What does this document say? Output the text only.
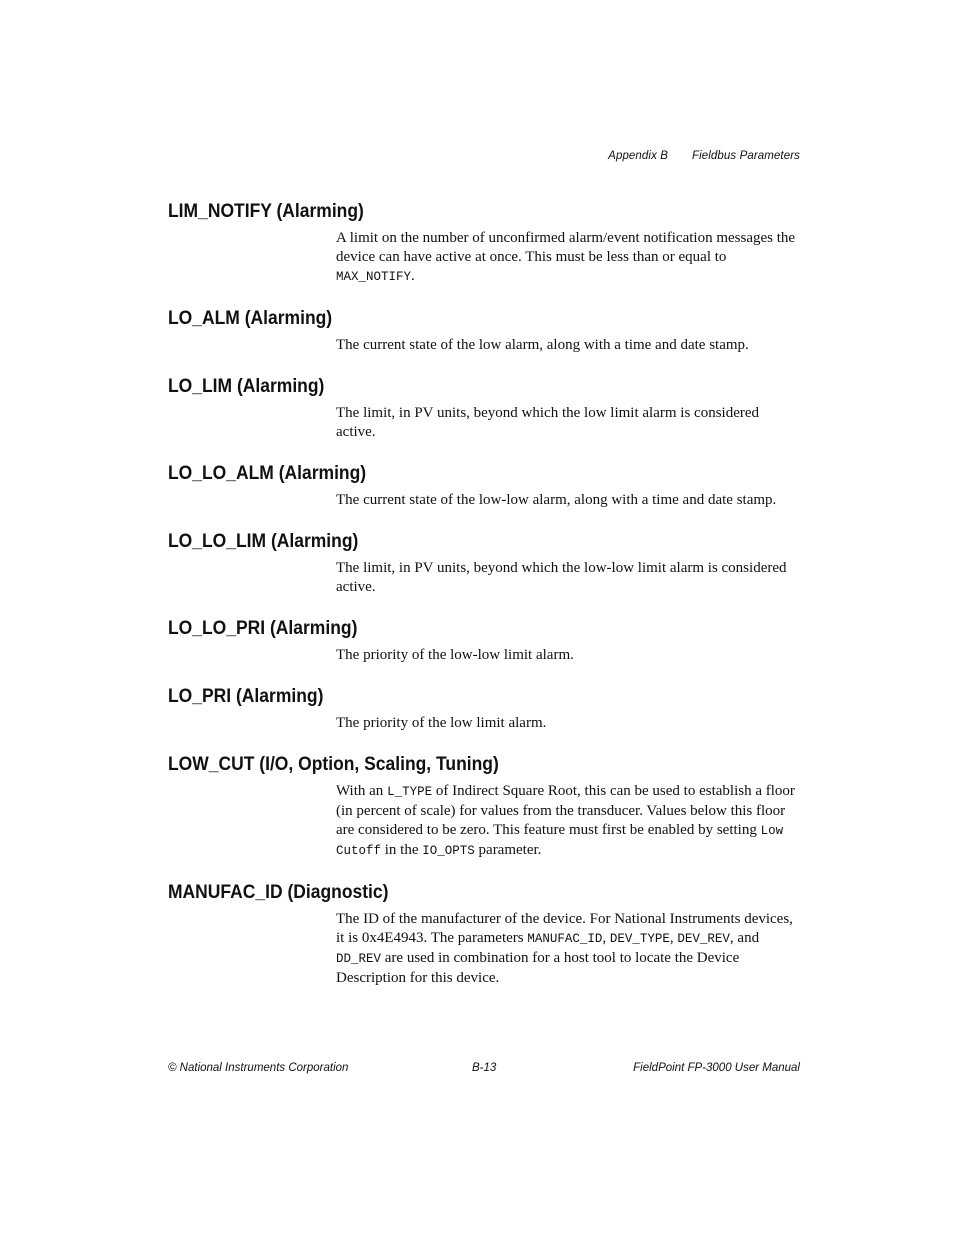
Appendix B Fieldbus Parameters
LIM_NOTIFY (Alarming)

A limit on the number of unconfirmed alarm/event notification messages the device can have active at once. This must be less than or equal to MAX_NOTIFY.

LO_ALM (Alarming)

The current state of the low alarm, along with a time and date stamp.

LO_LIM (Alarming)

The limit, in PV units, beyond which the low limit alarm is considered active.

LO_LO_ALM (Alarming)

The current state of the low-low alarm, along with a time and date stamp.

LO_LO_LIM (Alarming)

The limit, in PV units, beyond which the low-low limit alarm is considered active.

LO_LO_PRI (Alarming)

The priority of the low-low limit alarm.

LO_PRI (Alarming)

The priority of the low limit alarm.

LOW_CUT (I/O, Option, Scaling, Tuning)

With an L_TYPE of Indirect Square Root, this can be used to establish a floor (in percent of scale) for values from the transducer. Values below this floor are considered to be zero. This feature must first be enabled by setting Low Cutoff in the IO_OPTS parameter.

MANUFAC_ID (Diagnostic)

The ID of the manufacturer of the device. For National Instruments devices, it is 0x4E4943. The parameters MANUFAC_ID, DEV_TYPE, DEV_REV, and DD_REV are used in combination for a host tool to locate the Device Description for this device.

© National Instruments Corporation	B-13	FieldPoint FP-3000 User Manual
